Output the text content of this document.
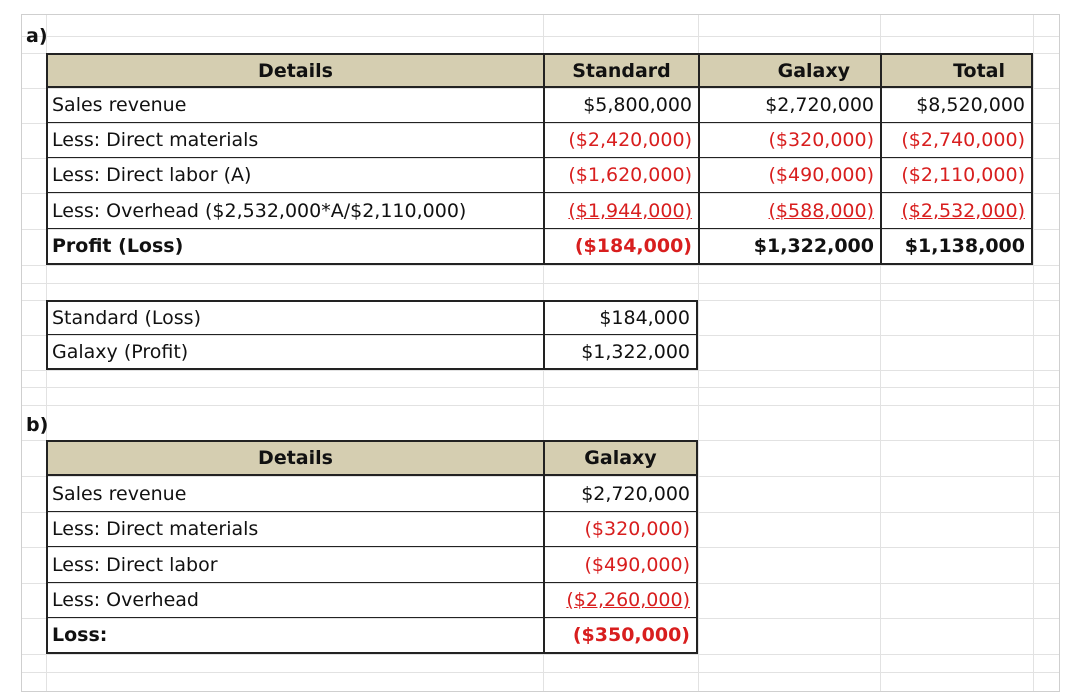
a)
Details	Standard	Galaxy	Total
Sales revenue	$5,800,000	$2,720,000	$8,520,000
Less: Direct materials	($2,420,000)	($320,000)	($2,740,000)
Less: Direct labor (A)	($1,620,000)	($490,000)	($2,110,000)
Less: Overhead ($2,532,000*A/$2,110,000)	($1,944,000)	($588,000)	($2,532,000)
Profit (Loss)	($184,000)	$1,322,000	$1,138,000
Standard (Loss)	$184,000
Galaxy (Profit)	$1,322,000
b)
Details	Galaxy
Sales revenue	$2,720,000
Less: Direct materials	($320,000)
Less: Direct labor	($490,000)
Less: Overhead	($2,260,000)
Loss:	($350,000)
